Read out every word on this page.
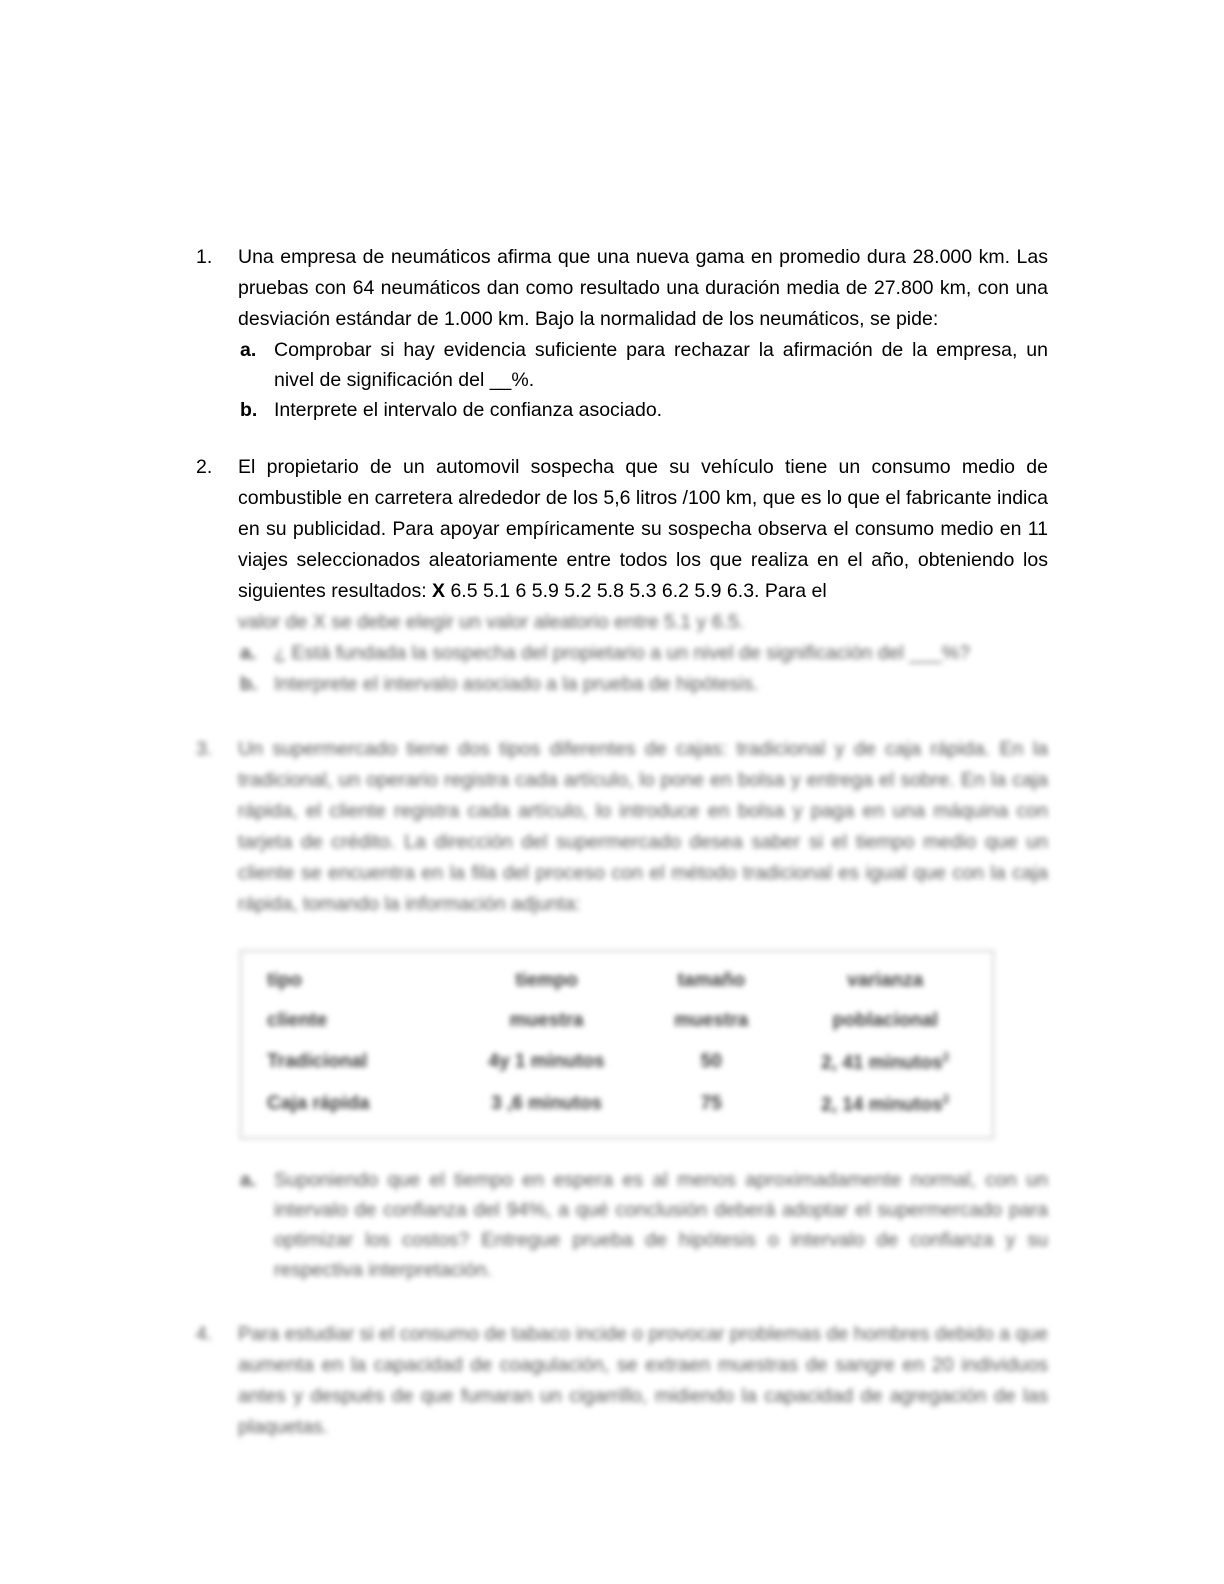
1.	Una empresa de neumáticos afirma que una nueva gama en promedio dura 28.000 km. Las pruebas con 64 neumáticos dan como resultado una duración media de 27.800 km, con una desviación estándar de 1.000 km. Bajo la normalidad de los neumáticos, se pide:
a. Comprobar si hay evidencia suficiente para rechazar la afirmación de la empresa, un nivel de significación del __%.
b. Interprete el intervalo de confianza asociado.
2.	El propietario de un automovil sospecha que su vehículo tiene un consumo medio de combustible en carretera alrededor de los 5,6 litros /100 km, que es lo que el fabricante indica en su publicidad. Para apoyar empíricamente su sospecha observa el consumo medio en 11 viajes seleccionados aleatoriamente entre todos los que realiza en el año, obteniendo los siguientes resultados: X 6.5 5.1 6 5.9 5.2 5.8 5.3 6.2 5.9 6.3. Para el
valor de X se debe elegir un valor aleatorio entre 5.1 y 6.5.
a. ¿ Está fundada la sospecha del propietario a un nivel de significación del ___%?
b. Interprete el intervalo asociado a la prueba de hipótesis.
3.	Un supermercado tiene dos tipos diferentes de cajas: tradicional y de caja rápida. En la tradicional, un operario registra cada artículo, lo pone en bolsa y entrega el sobre. En la caja rápida, el cliente registra cada artículo, lo introduce en bolsa y paga en una máquina con tarjeta de crédito. La dirección del supermercado desea saber si el tiempo medio que un cliente se encuentra en la fila del proceso con el método tradicional es igual que con la caja rápida, tomando la información adjunta:
tipo	tiempo	tamaño	varianza
cliente	muestra	muestra	poblacional
Tradicional	4y 1 minutos	50	2, 41 minutos$^2$
Caja rápida	3 ,6 minutos	75	2, 14 minutos$^2$
a. Suponiendo que el tiempo en espera es al menos aproximadamente normal, con un intervalo de confianza del 94%, a qué conclusión deberá adoptar el supermercado para optimizar los costos? Entregue prueba de hipótesis o intervalo de confianza y su respectiva interpretación.
4.	Para estudiar si el consumo de tabaco incide o provocar problemas de hombres debido a que aumenta en la capacidad de coagulación, se extraen muestras de sangre en 20 individuos antes y después de que fumaran un cigarrillo, midiendo la capacidad de agregación de las plaquetas.
